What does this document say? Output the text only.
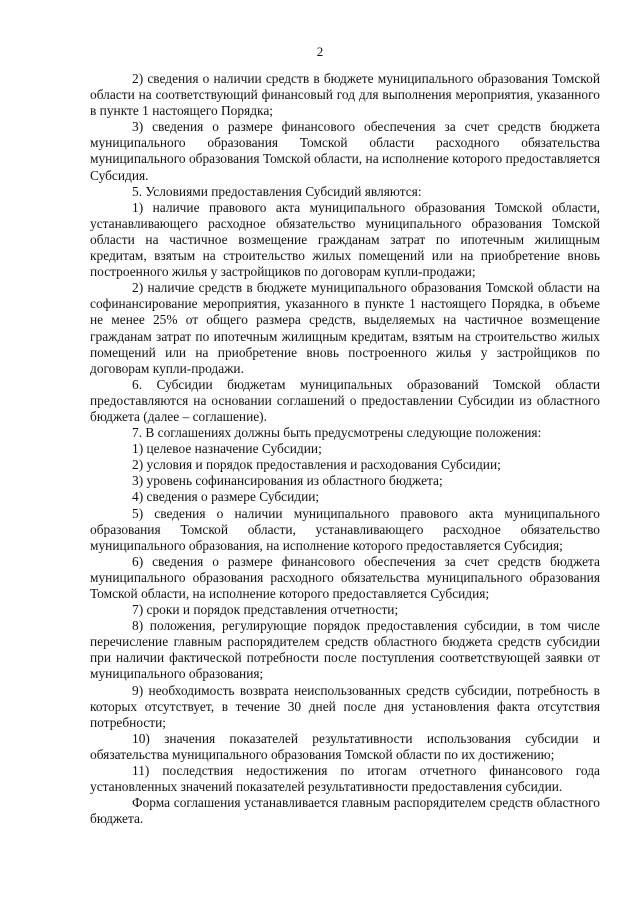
2

2) сведения о наличии средств в бюджете муниципального образования Томской области на соответствующий финансовый год для выполнения мероприятия, указанного в пункте 1 настоящего Порядка;

3) сведения о размере финансового обеспечения за счет средств бюджета муниципального образования Томской области расходного обязательства муниципального образования Томской области, на исполнение которого предоставляется Субсидия.

5. Условиями предоставления Субсидий являются:

1) наличие правового акта муниципального образования Томской области, устанавливающего расходное обязательство муниципального образования Томской области на частичное возмещение гражданам затрат по ипотечным жилищным кредитам, взятым на строительство жилых помещений или на приобретение вновь построенного жилья у застройщиков по договорам купли-продажи;

2) наличие средств в бюджете муниципального образования Томской области на софинансирование мероприятия, указанного в пункте 1 настоящего Порядка, в объеме не менее 25% от общего размера средств, выделяемых на частичное возмещение гражданам затрат по ипотечным жилищным кредитам, взятым на строительство жилых помещений или на приобретение вновь построенного жилья у застройщиков по договорам купли-продажи.

6. Субсидии бюджетам муниципальных образований Томской области предоставляются на основании соглашений о предоставлении Субсидии из областного бюджета (далее – соглашение).

7. В соглашениях должны быть предусмотрены следующие положения:

1) целевое назначение Субсидии;

2) условия и порядок предоставления и расходования Субсидии;

3) уровень софинансирования из областного бюджета;

4) сведения о размере Субсидии;

5) сведения о наличии муниципального правового акта муниципального образования Томской области, устанавливающего расходное обязательство муниципального образования, на исполнение которого предоставляется Субсидия;

6) сведения о размере финансового обеспечения за счет средств бюджета муниципального образования расходного обязательства муниципального образования Томской области, на исполнение которого предоставляется Субсидия;

7) сроки и порядок представления отчетности;

8) положения, регулирующие порядок предоставления субсидии, в том числе перечисление главным распорядителем средств областного бюджета средств субсидии при наличии фактической потребности после поступления соответствующей заявки от муниципального образования;

9) необходимость возврата неиспользованных средств субсидии, потребность в которых отсутствует, в течение 30 дней после дня установления факта отсутствия потребности;

10) значения показателей результативности использования субсидии и обязательства муниципального образования Томской области по их достижению;

11) последствия недостижения по итогам отчетного финансового года установленных значений показателей результативности предоставления субсидии.

Форма соглашения устанавливается главным распорядителем средств областного бюджета.
